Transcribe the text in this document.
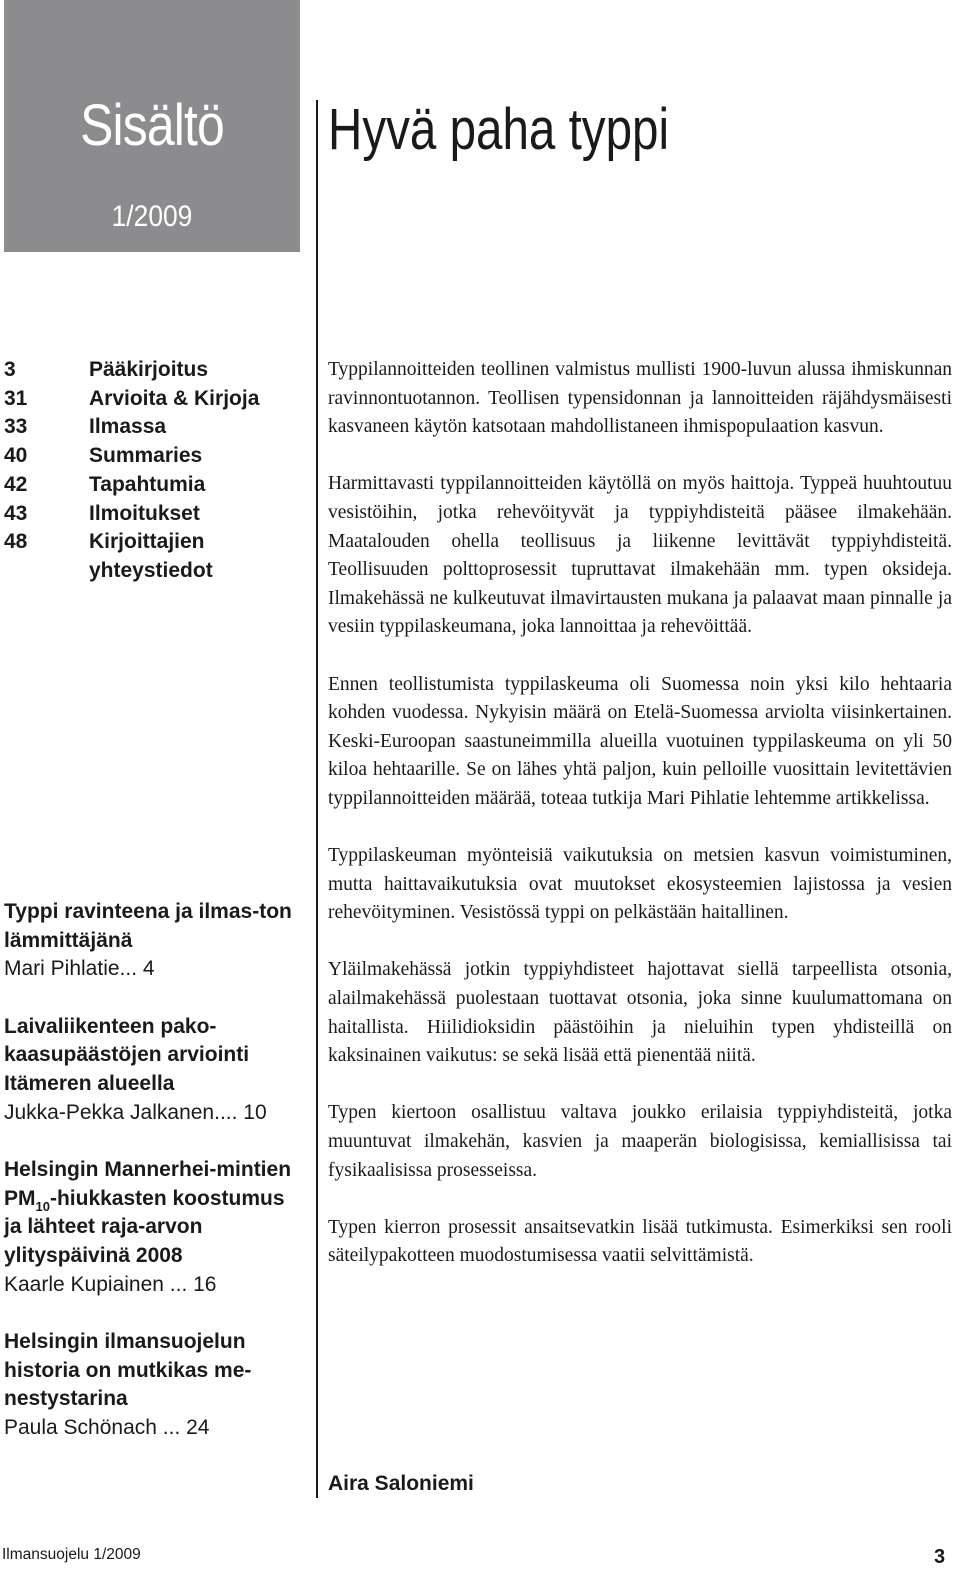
Sisältö
1/2009
Hyvä paha typpi
3	Pääkirjoitus
31	Arvioita & Kirjoja
33	Ilmassa
40	Summaries
42	Tapahtumia
43	Ilmoitukset
48	Kirjoittajien yhteystiedot
Typpi ravinteena ja ilmas-ton lämmittäjänä
Mari Pihlatie... 4
Laivaliikenteen pako-kaasupäästöjen arviointi Itämeren alueella
Jukka-Pekka Jalkanen.... 10
Helsingin Mannerhei-mintien $PM_{10}$-hiukkasten koostumus ja lähteet raja-arvon ylityspäivinä 2008
Kaarle Kupiainen ... 16
Helsingin ilmansuojelun historia on mutkikas me-nestystarina
Paula Schönach ... 24

Typpilannoitteiden teollinen valmistus mullisti 1900-luvun alussa ihmiskunnan ravinnontuotannon. Teollisen typensidonnan ja lannoitteiden räjähdysmäisesti kasvaneen käytön katsotaan mahdollistaneen ihmispopulaation kasvun.

Harmittavasti typpilannoitteiden käytöllä on myös haittoja. Typpeä huuhtoutuu vesistöihin, jotka rehevöityvät ja typpiyhdisteitä pääsee ilmakehään. Maatalouden ohella teollisuus ja liikenne levittävät typpiyhdisteitä. Teollisuuden polttoprosessit tupruttavat ilmakehään mm. typen oksideja. Ilmakehässä ne kulkeutuvat ilmavirtausten mukana ja palaavat maan pinnalle ja vesiin typpilaskeumana, joka lannoittaa ja rehevöittää.

Ennen teollistumista typpilaskeuma oli Suomessa noin yksi kilo hehtaaria kohden vuodessa. Nykyisin määrä on Etelä-Suomessa arviolta viisinkertainen. Keski-Euroopan saastuneimmilla alueilla vuotuinen typpilaskeuma on yli 50 kiloa hehtaarille. Se on lähes yhtä paljon, kuin pelloille vuosittain levitettävien typpilannoitteiden määrää, toteaa tutkija Mari Pihlatie lehtemme artikkelissa.

Typpilaskeuman myönteisiä vaikutuksia on metsien kasvun voimistuminen, mutta haittavaikutuksia ovat muutokset ekosysteemien lajistossa ja vesien rehevöityminen. Vesistössä typpi on pelkästään haitallinen.

Yläilmakehässä jotkin typpiyhdisteet hajottavat siellä tarpeellista otsonia, alailmakehässä puolestaan tuottavat otsonia, joka sinne kuulumattomana on haitallista. Hiilidioksidin päästöihin ja nieluihin typen yhdisteillä on kaksinainen vaikutus: se sekä lisää että pienentää niitä.

Typen kiertoon osallistuu valtava joukko erilaisia typpiyhdisteitä, jotka muuntuvat ilmakehän, kasvien ja maaperän biologisissa, kemiallisissa tai fysikaalisissa prosesseissa.

Typen kierron prosessit ansaitsevatkin lisää tutkimusta. Esimerkiksi sen rooli säteilypakotteen muodostumisessa vaatii selvittämistä.

Aira Saloniemi
Ilmansuojelu 1/2009	3
